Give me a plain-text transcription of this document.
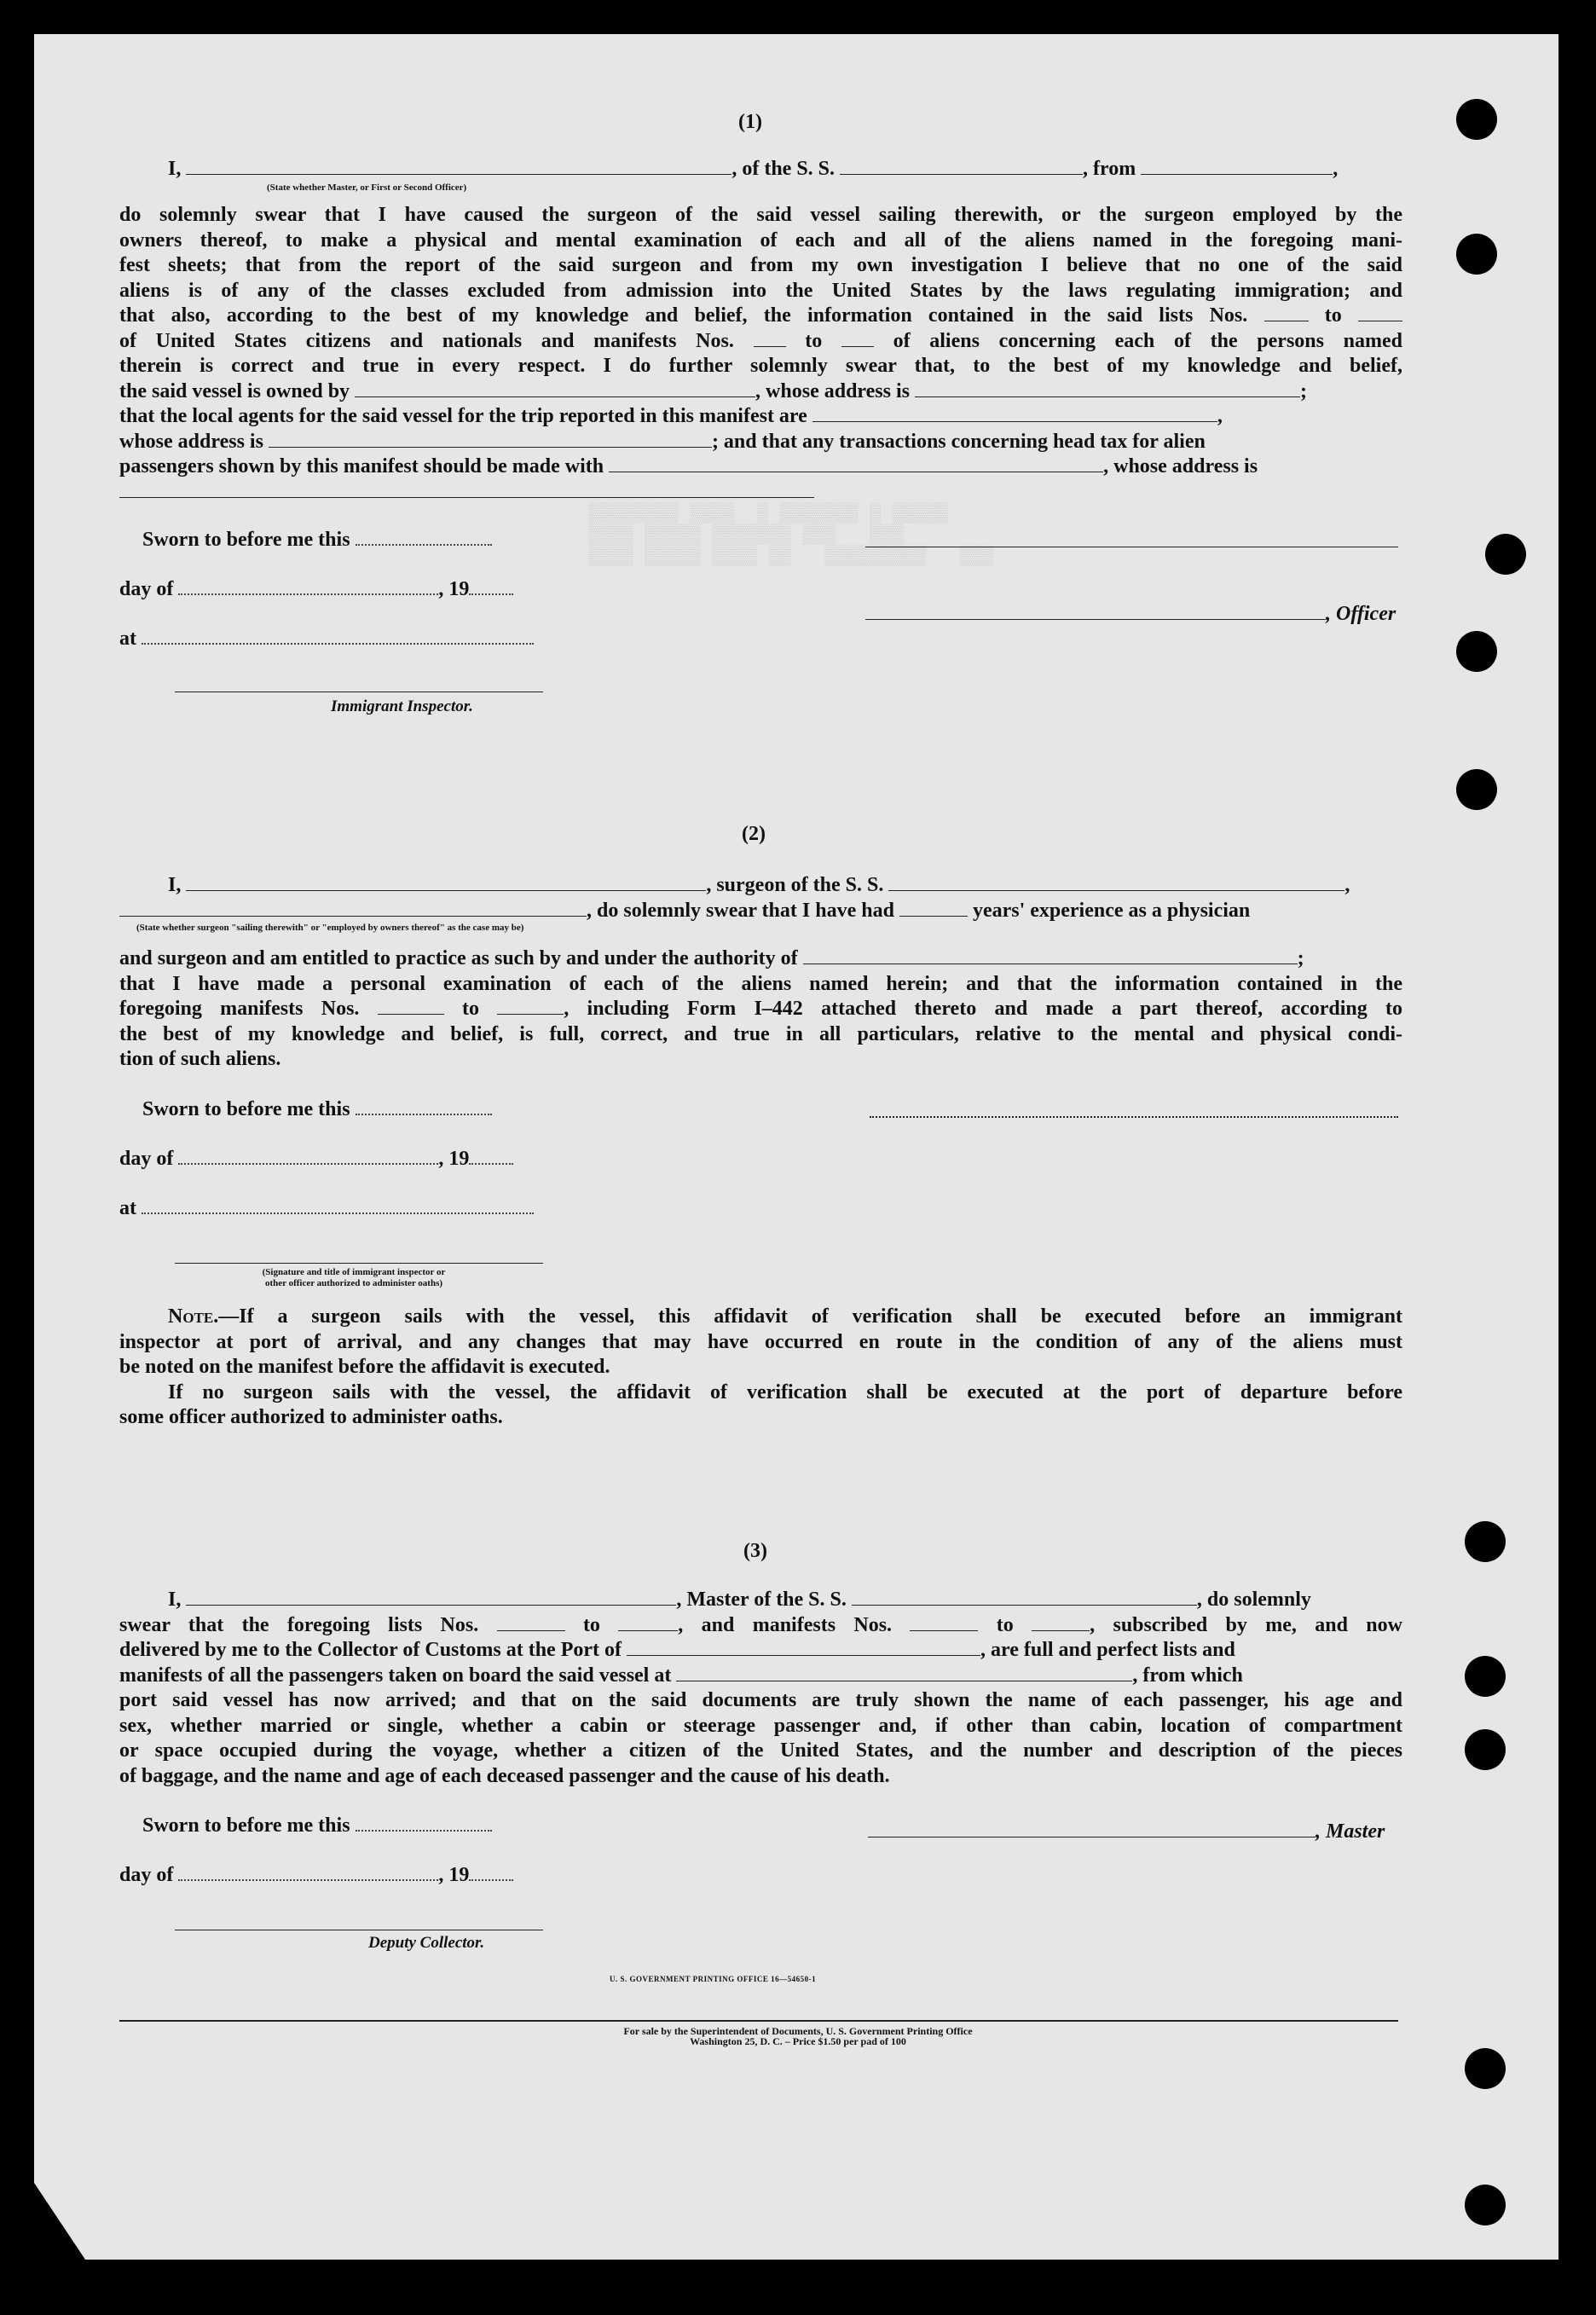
▒▒▒▒▒▒▒▒ ▒▒▒▒  ▒ ▒▒▒▒▒▒▒ ▒ ▒▒▒▒▒
▒▒▒▒ ▒▒▒▒▒ ▒▒▒▒▒▒▒ ▒▒▒   ▒▒▒
▒▒▒▒ ▒▒▒▒▒ ▒▒▒▒ ▒▒   ▒▒▒▒▒▒▒▒▒   ▒▒▒
(1)
I,	, of the S. S.	, from	,
(State whether Master, or First or Second Officer)
do solemnly swear that I have caused the surgeon of the said vessel sailing therewith, or the surgeon employed by the
owners thereof, to make a physical and mental examination of each and all of the aliens named in the foregoing mani-
fest sheets; that from the report of the said surgeon and from my own investigation I believe that no one of the said
aliens is of any of the classes excluded from admission into the United States by the laws regulating immigration; and
that also, according to the best of my knowledge and belief, the information contained in the said lists Nos.	to
of United States citizens and nationals and manifests Nos.	to	of aliens concerning each of the persons named
therein is correct and true in every respect. I do further solemnly swear that, to the best of my knowledge and belief,
the said vessel is owned by	, whose address is	;
that the local agents for the said vessel for the trip reported in this manifest are	,
whose address is	; and that any transactions concerning head tax for alien
passengers shown by this manifest should be made with	, whose address is
Sworn to before me this
day of	, 19
at
Immigrant Inspector.
, Officer
(2)
I,	, surgeon of the S. S.	,
, do solemnly swear that I have had	years' experience as a physician
(State whether surgeon "sailing therewith" or "employed by owners thereof" as the case may be)
and surgeon and am entitled to practice as such by and under the authority of	;
that I have made a personal examination of each of the aliens named herein; and that the information contained in the
foregoing manifests Nos.	to	, including Form I–442 attached thereto and made a part thereof, according to
the best of my knowledge and belief, is full, correct, and true in all particulars, relative to the mental and physical condi-
tion of such aliens.
Sworn to before me this
day of	, 19
at
(Signature and title of immigrant inspector or
other officer authorized to administer oaths)
Note.—If a surgeon sails with the vessel, this affidavit of verification shall be executed before an immigrant
inspector at port of arrival, and any changes that may have occurred en route in the condition of any of the aliens must
be noted on the manifest before the affidavit is executed.
If no surgeon sails with the vessel, the affidavit of verification shall be executed at the port of departure before
some officer authorized to administer oaths.
(3)
I,	, Master of the S. S.	, do solemnly
swear that the foregoing lists Nos.	to	, and manifests Nos.	to	, subscribed by me, and now
delivered by me to the Collector of Customs at the Port of	, are full and perfect lists and
manifests of all the passengers taken on board the said vessel at	, from which
port said vessel has now arrived; and that on the said documents are truly shown the name of each passenger, his age and
sex, whether married or single, whether a cabin or steerage passenger and, if other than cabin, location of compartment
or space occupied during the voyage, whether a citizen of the United States, and the number and description of the pieces
of baggage, and the name and age of each deceased passenger and the cause of his death.
Sworn to before me this
day of	, 19
, Master
Deputy Collector.
U. S. GOVERNMENT PRINTING OFFICE 16—54650-1
For sale by the Superintendent of Documents, U. S. Government Printing Office
Washington 25, D. C. – Price $1.50 per pad of 100
